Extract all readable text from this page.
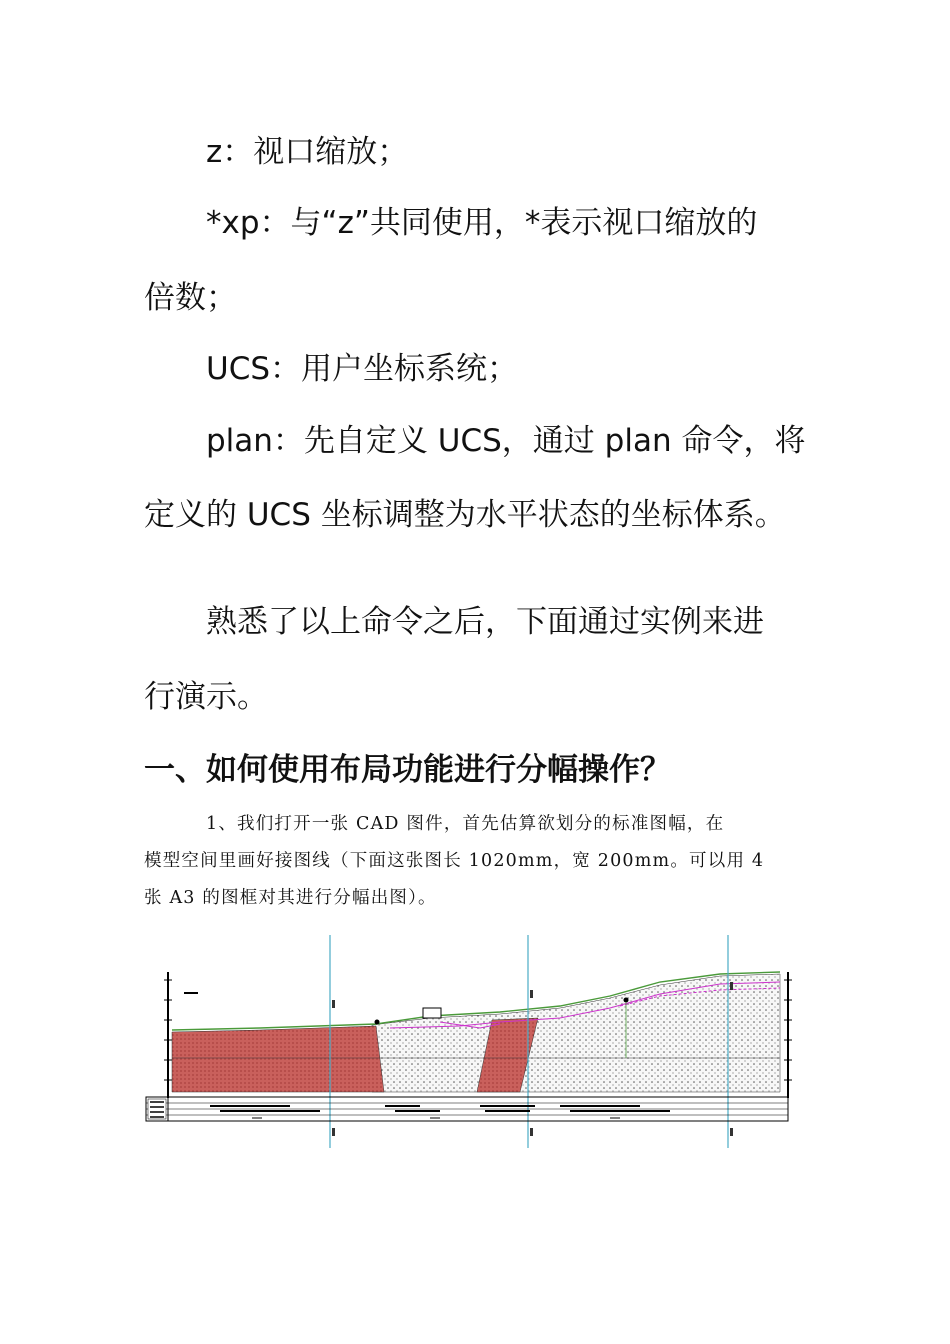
z：视口缩放；
*xp：与“z”共同使用，*表示视口缩放的
倍数；
UCS：用户坐标系统；
plan：先自定义 UCS，通过 plan 命令，将
定义的 UCS 坐标调整为水平状态的坐标体系。
熟悉了以上命令之后，下面通过实例来进
行演示。
一、如何使用布局功能进行分幅操作？
1、我们打开一张 CAD 图件，首先估算欲划分的标准图幅，在
模型空间里画好接图线（下面这张图长 1020mm，宽 200mm。可以用 4
张 A3 的图框对其进行分幅出图）。
